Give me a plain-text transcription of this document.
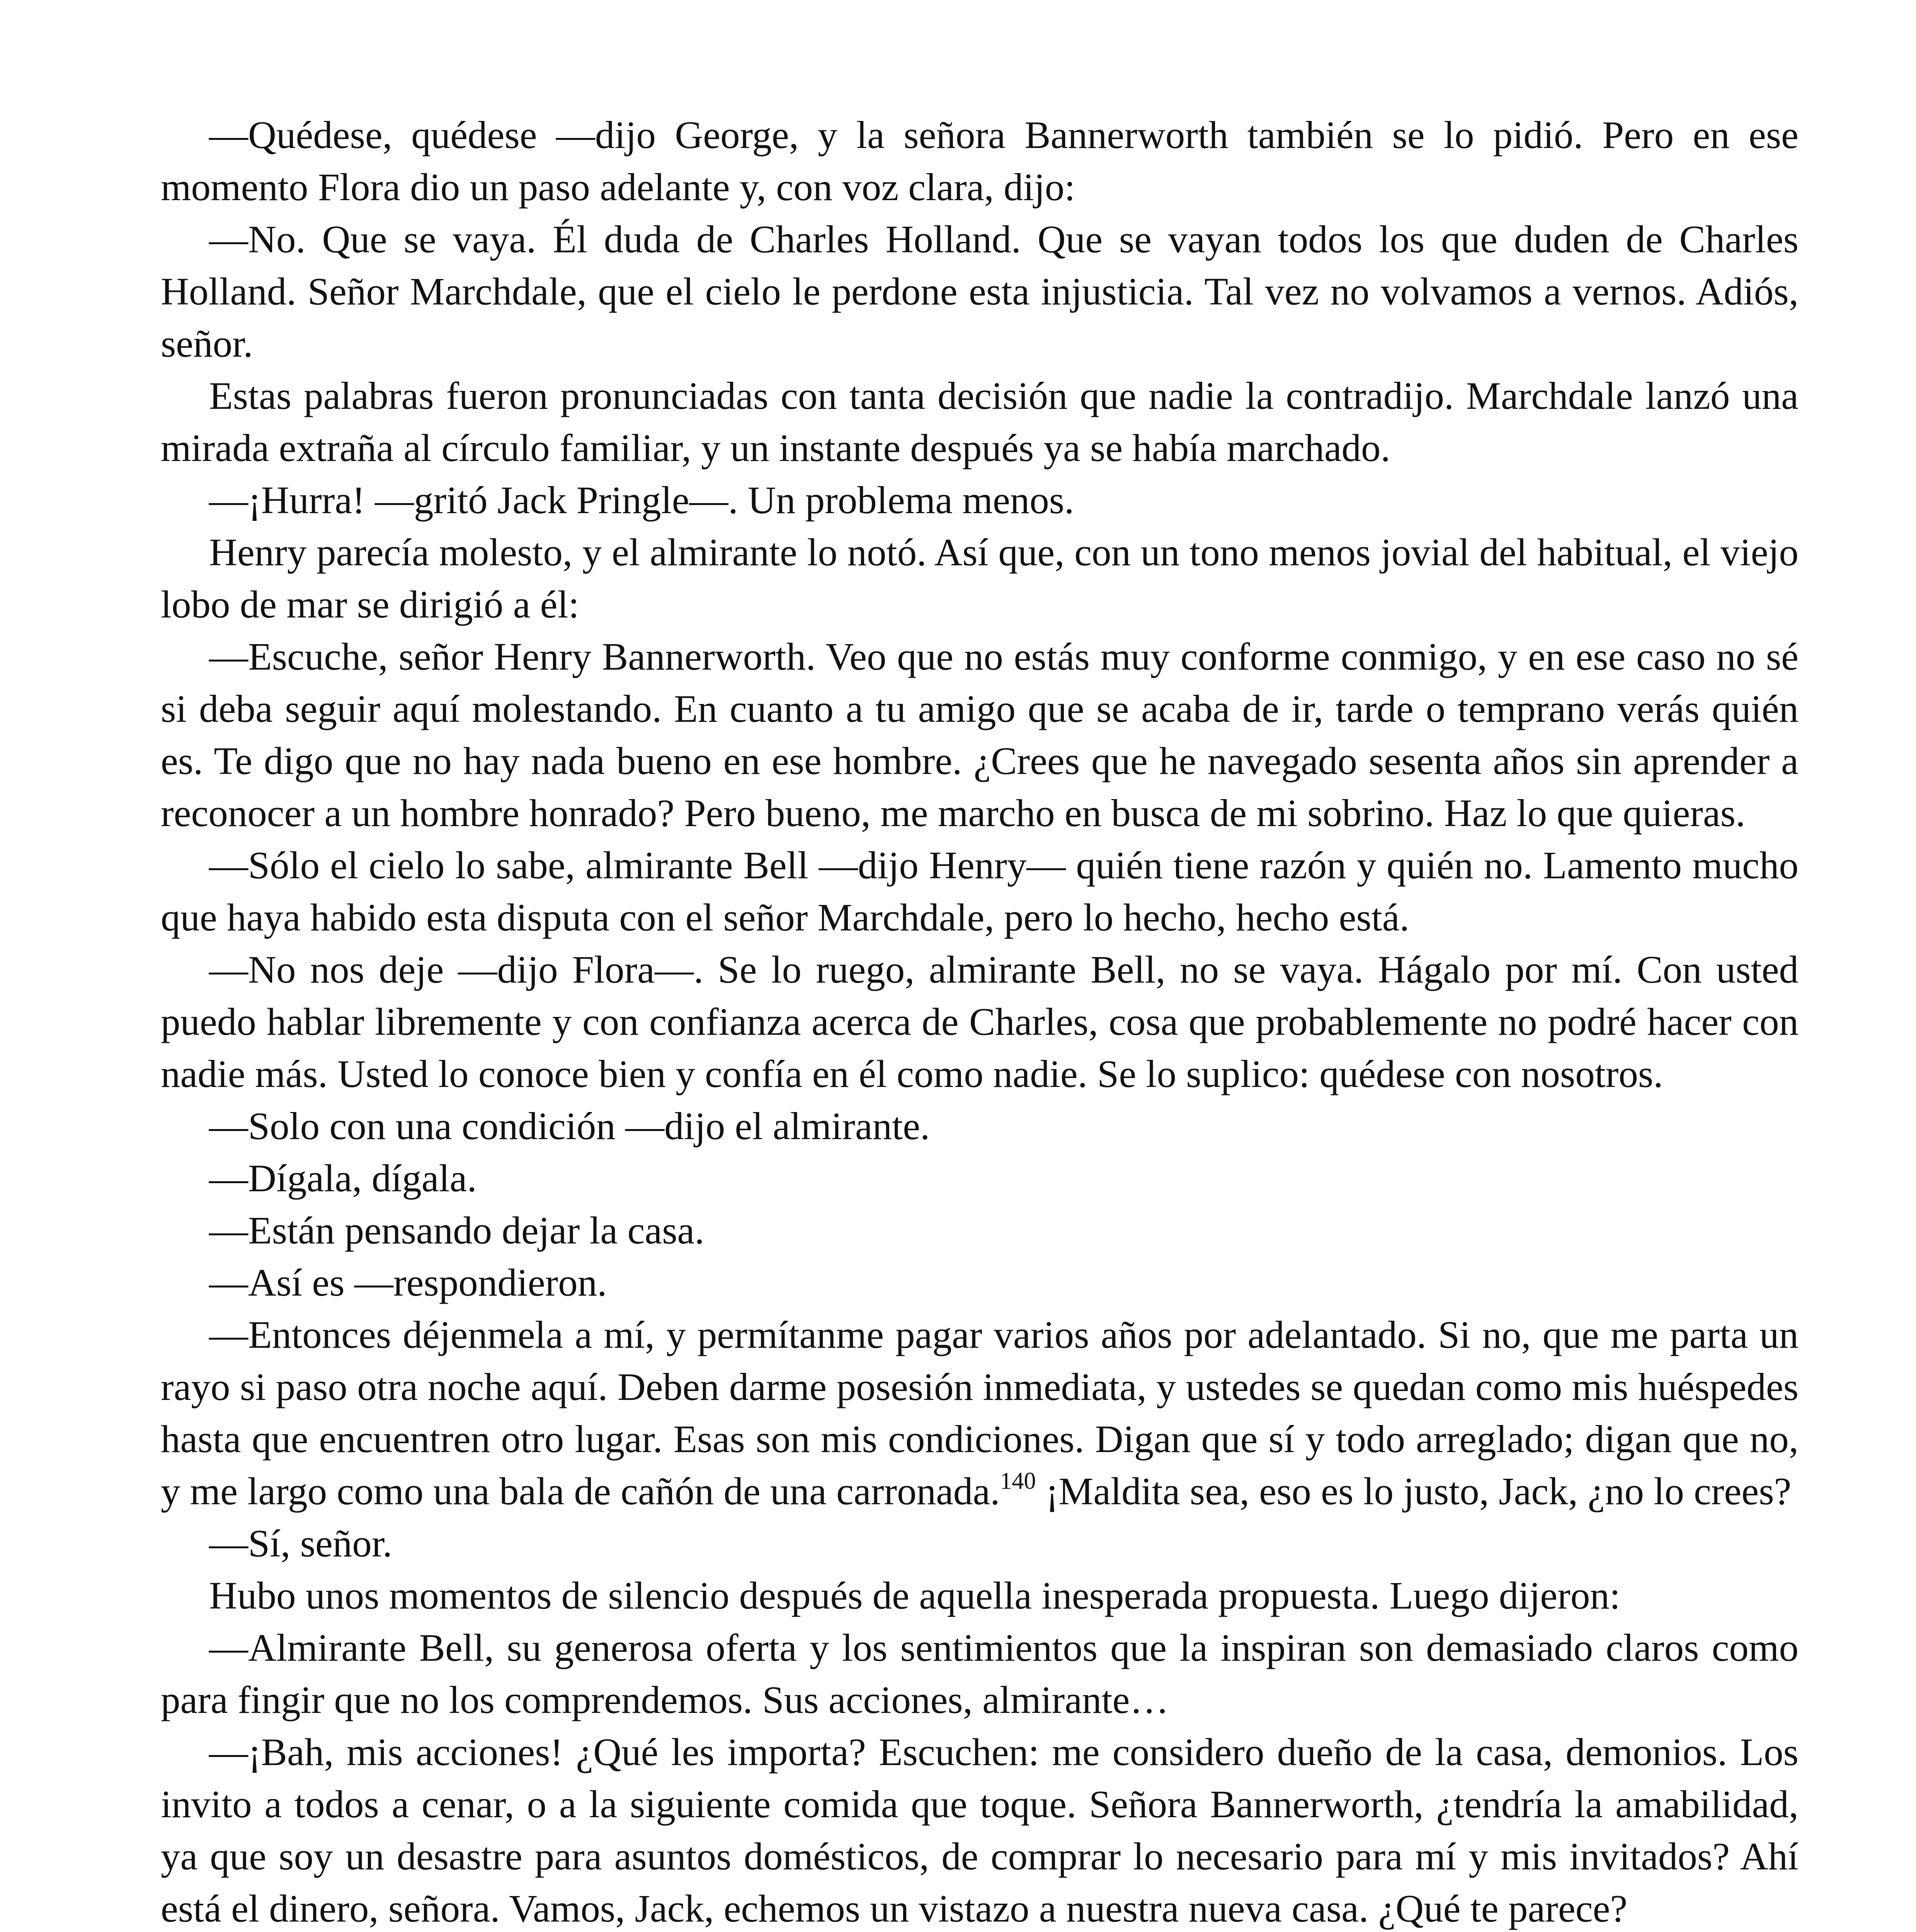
—Quédese, quédese —dijo George, y la señora Bannerworth también se lo pidió. Pero en ese momento Flora dio un paso adelante y, con voz clara, dijo:

—No. Que se vaya. Él duda de Charles Holland. Que se vayan todos los que duden de Charles Holland. Señor Marchdale, que el cielo le perdone esta injusticia. Tal vez no volvamos a vernos. Adiós, señor.

Estas palabras fueron pronunciadas con tanta decisión que nadie la contradijo. Marchdale lanzó una mirada extraña al círculo familiar, y un instante después ya se había marchado.

—¡Hurra! —gritó Jack Pringle—. Un problema menos.

Henry parecía molesto, y el almirante lo notó. Así que, con un tono menos jovial del habitual, el viejo lobo de mar se dirigió a él:

—Escuche, señor Henry Bannerworth. Veo que no estás muy conforme conmigo, y en ese caso no sé si deba seguir aquí molestando. En cuanto a tu amigo que se acaba de ir, tarde o temprano verás quién es. Te digo que no hay nada bueno en ese hombre. ¿Crees que he navegado sesenta años sin aprender a reconocer a un hombre honrado? Pero bueno, me marcho en busca de mi sobrino. Haz lo que quieras.

—Sólo el cielo lo sabe, almirante Bell —dijo Henry— quién tiene razón y quién no. Lamento mucho que haya habido esta disputa con el señor Marchdale, pero lo hecho, hecho está.

—No nos deje —dijo Flora—. Se lo ruego, almirante Bell, no se vaya. Hágalo por mí. Con usted puedo hablar libremente y con confianza acerca de Charles, cosa que probablemente no podré hacer con nadie más. Usted lo conoce bien y confía en él como nadie. Se lo suplico: quédese con nosotros.

—Solo con una condición —dijo el almirante.

—Dígala, dígala.

—Están pensando dejar la casa.

—Así es —respondieron.

—Entonces déjenmela a mí, y permítanme pagar varios años por adelantado. Si no, que me parta un rayo si paso otra noche aquí. Deben darme posesión inmediata, y ustedes se quedan como mis huéspedes hasta que encuentren otro lugar. Esas son mis condiciones. Digan que sí y todo arreglado; digan que no, y me largo como una bala de cañón de una carronada.$^{140}$ ¡Maldita sea, eso es lo justo, Jack, ¿no lo crees?

—Sí, señor.

Hubo unos momentos de silencio después de aquella inesperada propuesta. Luego dijeron:

—Almirante Bell, su generosa oferta y los sentimientos que la inspiran son demasiado claros como para fingir que no los comprendemos. Sus acciones, almirante…

—¡Bah, mis acciones! ¿Qué les importa? Escuchen: me considero dueño de la casa, demonios. Los invito a todos a cenar, o a la siguiente comida que toque. Señora Bannerworth, ¿tendría la amabilidad, ya que soy un desastre para asuntos domésticos, de comprar lo necesario para mí y mis invitados? Ahí está el dinero, señora. Vamos, Jack, echemos un vistazo a nuestra nueva casa. ¿Qué te parece?
